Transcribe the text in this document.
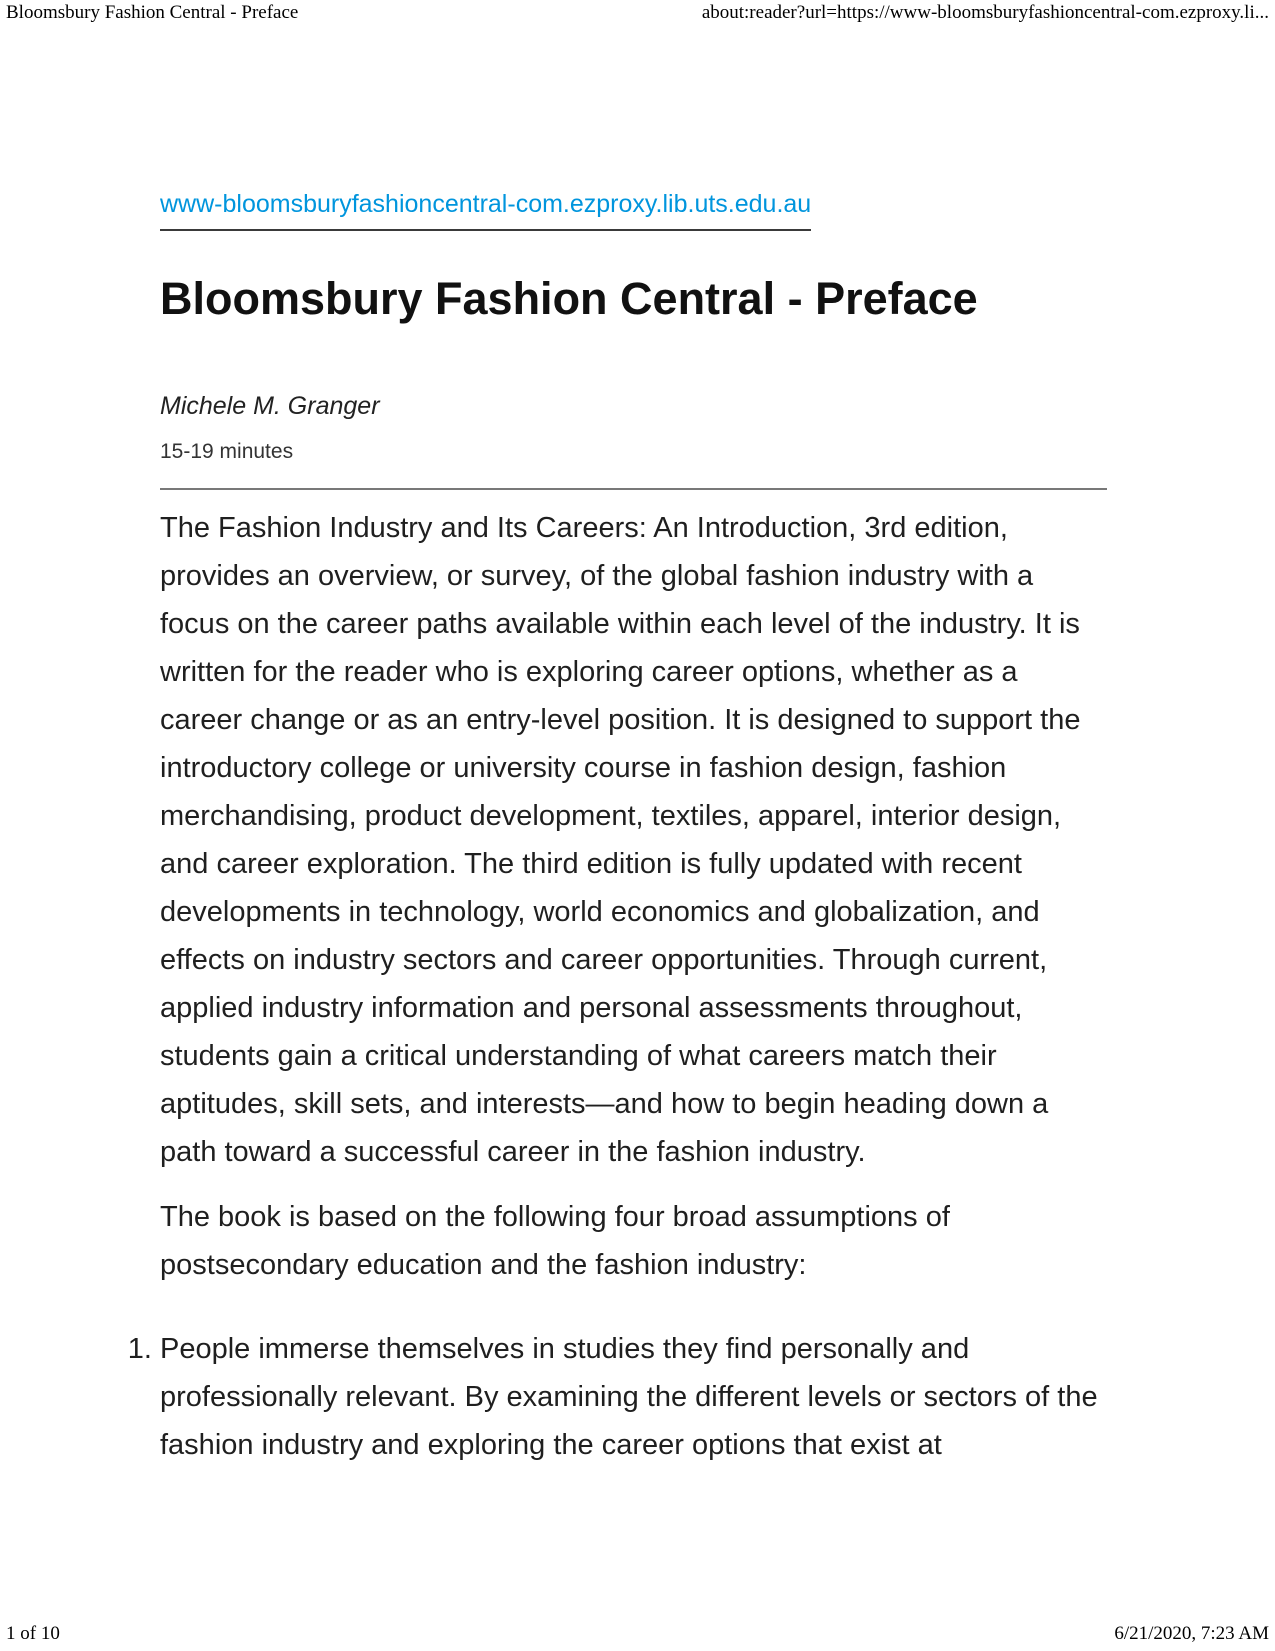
Bloomsbury Fashion Central - Preface	about:reader?url=https://www-bloomsburyfashioncentral-com.ezproxy.li...
www-bloomsburyfashioncentral-com.ezproxy.lib.uts.edu.au
Bloomsbury Fashion Central - Preface
Michele M. Granger
15-19 minutes

The Fashion Industry and Its Careers: An Introduction, 3rd edition, provides an overview, or survey, of the global fashion industry with a focus on the career paths available within each level of the industry. It is written for the reader who is exploring career options, whether as a career change or as an entry-level position. It is designed to support the introductory college or university course in fashion design, fashion merchandising, product development, textiles, apparel, interior design, and career exploration. The third edition is fully updated with recent developments in technology, world economics and globalization, and effects on industry sectors and career opportunities. Through current, applied industry information and personal assessments throughout, students gain a critical understanding of what careers match their aptitudes, skill sets, and interests—and how to begin heading down a path toward a successful career in the fashion industry.

The book is based on the following four broad assumptions of postsecondary education and the fashion industry:

1. People immerse themselves in studies they find personally and professionally relevant. By examining the different levels or sectors of the fashion industry and exploring the career options that exist at
1 of 10	6/21/2020, 7:23 AM
